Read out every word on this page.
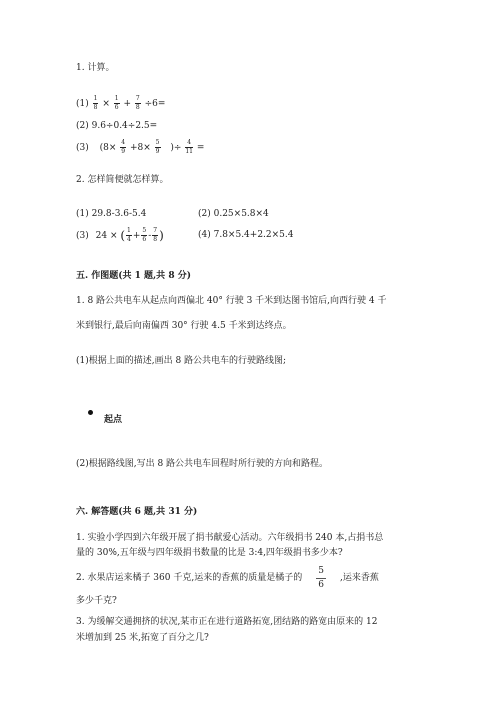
1. 计算。
$(1) \frac{1}{8} \times \frac{1}{6} + \frac{7}{8} \div 6=$
(2) 9.6÷0.4÷2.5=
(3) ($8\times \frac{4}{9} +8\times \frac{5}{9}$ )÷ $\frac{4}{11}$ =
2. 怎样简便就怎样算。
(1) 29.8-3.6-5.4	(2) 0.25×5.8×4
(3) 24 × ( $\frac{1}{4} + \frac{5}{6} - \frac{7}{8}$ )	(4) 7.8×5.4+2.2×5.4
五. 作图题(共 1 题,共 8 分)
1. 8 路公共电车从起点向西偏北 40° 行驶 3 千米到达图书馆后,向西行驶 4 千
米到银行,最后向南偏西 30° 行驶 4.5 千米到达终点。
(1)根据上面的描述,画出 8 路公共电车的行驶路线图;
起点
(2)根据路线图,写出 8 路公共电车回程时所行驶的方向和路程。
六. 解答题(共 6 题,共 31 分)
1. 实验小学四到六年级开展了捐书献爱心活动。六年级捐书 240 本,占捐书总
量的 30%,五年级与四年级捐书数量的比是 3:4,四年级捐书多少本?
2. 水果店运来橘子 360 千克,运来的香蕉的质量是橘子的 $\frac{5}{6}$ ,运来香蕉
多少千克?
3. 为缓解交通拥挤的状况,某市正在进行道路拓宽,团结路的路宽由原来的 12
米增加到 25 米,拓宽了百分之几?
